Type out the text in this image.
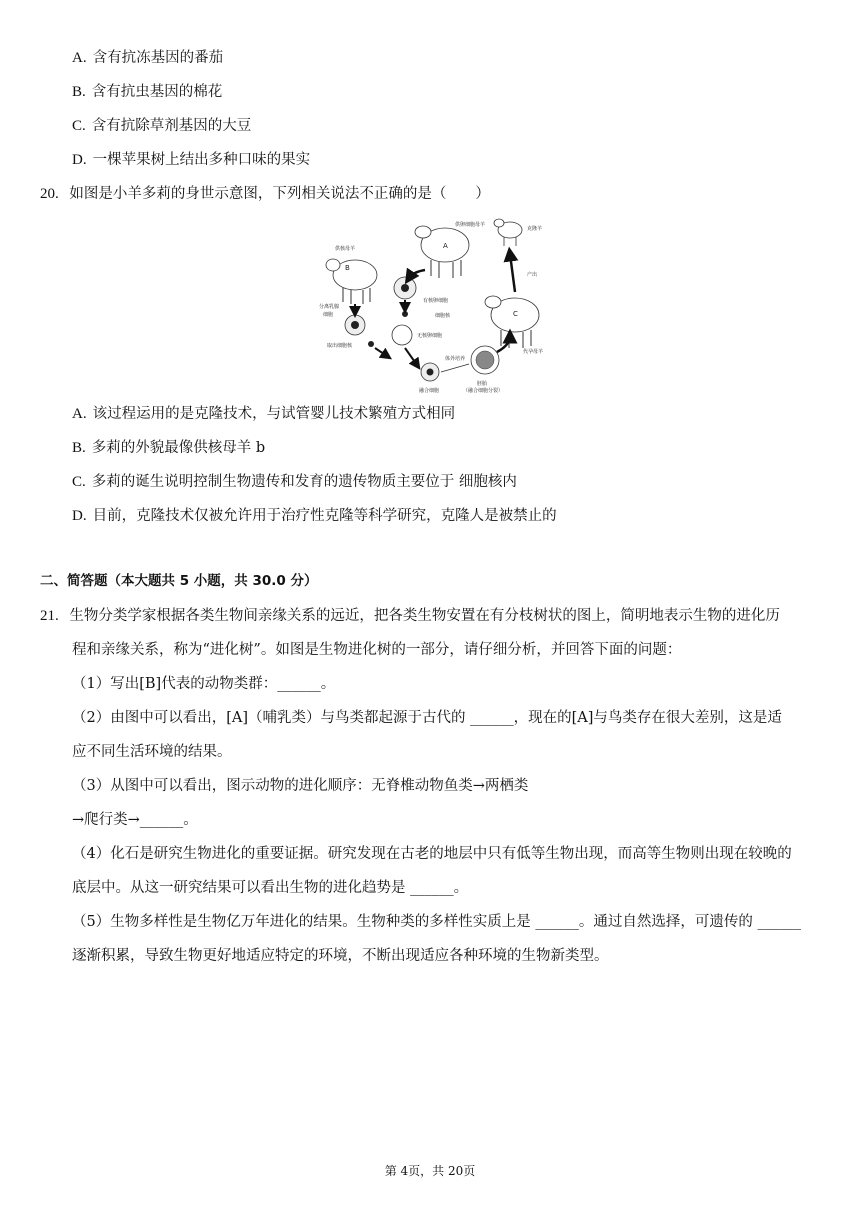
A. 含有抗冻基因的番茄
B. 含有抗虫基因的棉花
C. 含有抗除草剂基因的大豆
D. 一棵苹果树上结出多种口味的果实
20. 如图是小羊多莉的身世示意图，下列相关说法不正确的是（　　）
供核母羊
B
分离乳腺
细胞
取出细胞核
供卵细胞母羊
A
有核卵细胞
细胞核
无核卵细胞
融合细胞
体外培养
胚胎
（融合细胞分裂）
C
代孕母羊
产出
克隆羊
A. 该过程运用的是克隆技术，与试管婴儿技术繁殖方式相同
B. 多莉的外貌最像供核母羊 b
C. 多莉的诞生说明控制生物遗传和发育的遗传物质主要位于 细胞核内
D. 目前，克隆技术仅被允许用于治疗性克隆等科学研究，克隆人是被禁止的
二、简答题（本大题共 5 小题，共 30.0 分）
21. 生物分类学家根据各类生物间亲缘关系的远近，把各类生物安置在有分枝树状的图上，简明地表示生物的进化历
程和亲缘关系，称为“进化树”。如图是生物进化树的一部分，请仔细分析，并回答下面的问题：
（1）写出[B]代表的动物类群：______。
（2）由图中可以看出，[A]（哺乳类）与鸟类都起源于古代的 ______，现在的[A]与鸟类存在很大差别，这是适
应不同生活环境的结果。
（3）从图中可以看出，图示动物的进化顺序：无脊椎动物鱼类→两栖类
→爬行类→______。
（4）化石是研究生物进化的重要证据。研究发现在古老的地层中只有低等生物出现，而高等生物则出现在较晚的
底层中。从这一研究结果可以看出生物的进化趋势是 ______。
（5）生物多样性是生物亿万年进化的结果。生物种类的多样性实质上是 ______。通过自然选择，可遗传的 ______
逐渐积累，导致生物更好地适应特定的环境，不断出现适应各种环境的生物新类型。
第 4页，共 20页
